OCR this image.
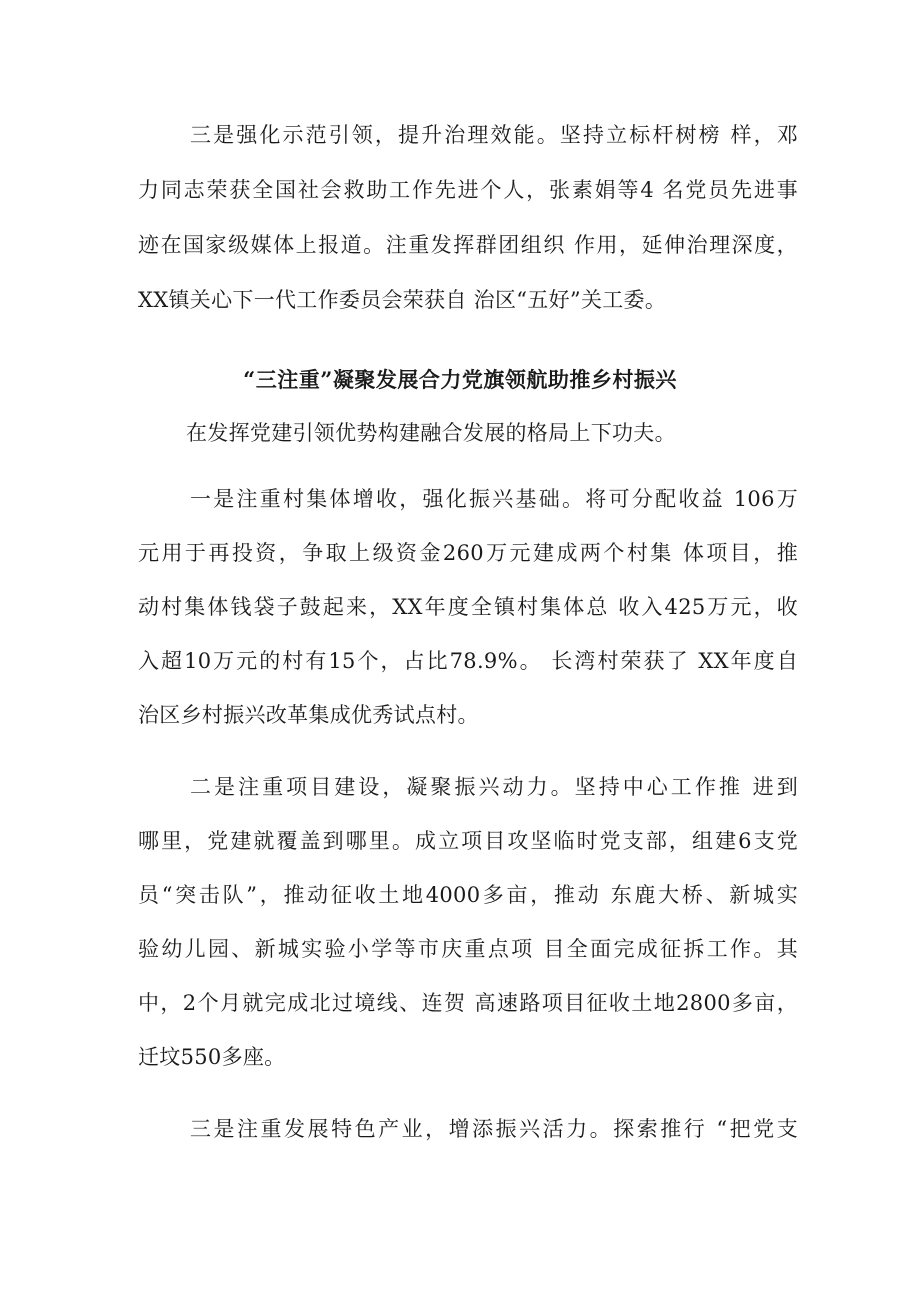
三是强化示范引领，提升治理效能。坚持立标杆树榜 样，邓
力同志荣获全国社会救助工作先进个人，张素娟等4 名党员先进事
迹在国家级媒体上报道。注重发挥群团组织 作用，延伸治理深度，
XX镇关心下一代工作委员会荣获自 治区“五好”关工委。
“三注重”凝聚发展合力党旗领航助推乡村振兴
在发挥党建引领优势构建融合发展的格局上下功夫。
一是注重村集体增收，强化振兴基础。将可分配收益 106万
元用于再投资，争取上级资金260万元建成两个村集 体项目，推
动村集体钱袋子鼓起来，XX年度全镇村集体总 收入425万元，收
入超10万元的村有15个，占比78.9%。 长湾村荣获了 XX年度自
治区乡村振兴改革集成优秀试点村。
二是注重项目建设，凝聚振兴动力。坚持中心工作推 进到
哪里，党建就覆盖到哪里。成立项目攻坚临时党支部，组建6支党
员“突击队”，推动征收土地4000多亩，推动 东鹿大桥、新城实
验幼儿园、新城实验小学等市庆重点项 目全面完成征拆工作。其
中，2个月就完成北过境线、连贺 高速路项目征收土地2800多亩，
迁坟550多座。
三是注重发展特色产业，增添振兴活力。探索推行 “把党支
